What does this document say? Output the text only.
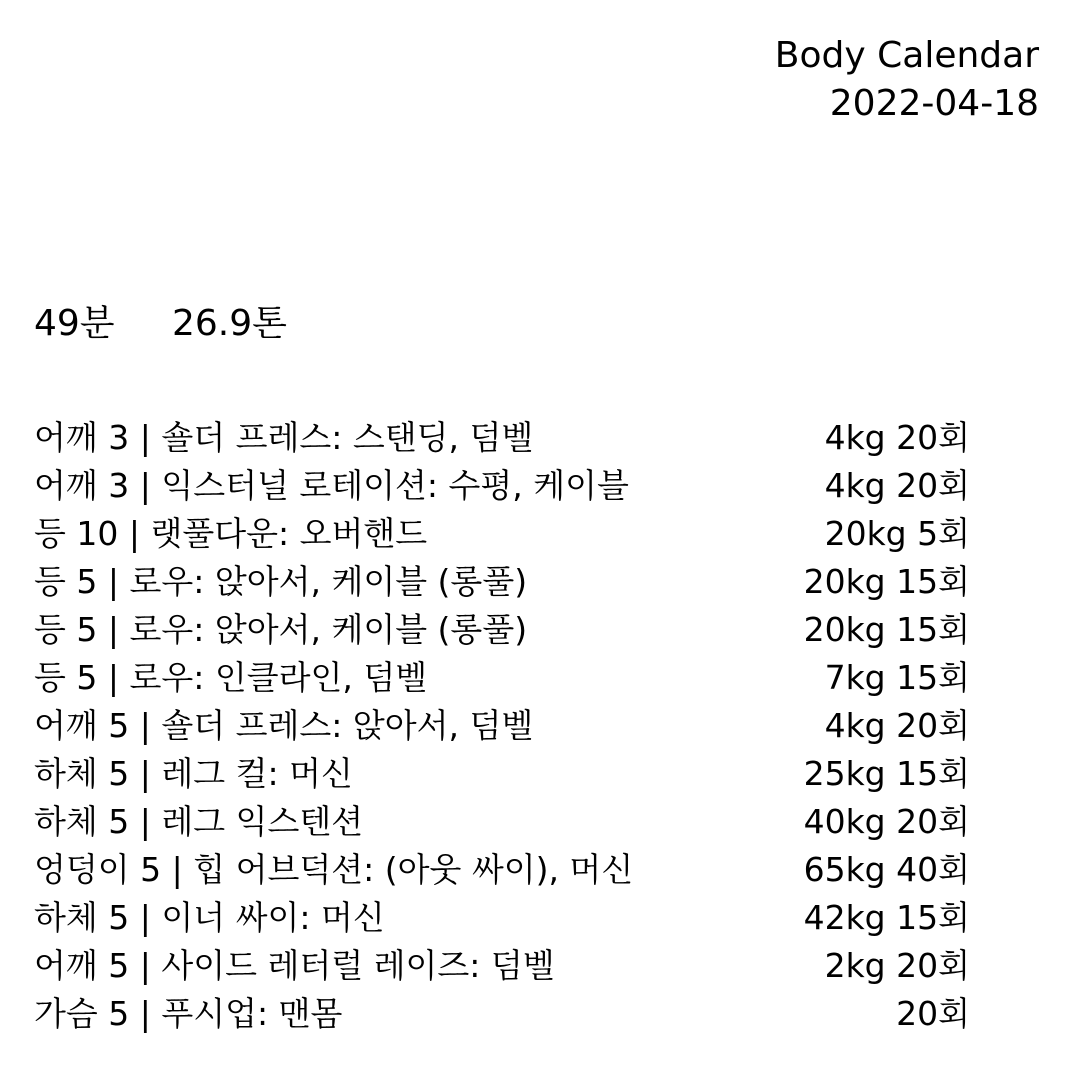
Body Calendar
2022-04-18
49분 26.9톤
어깨 3 | 숄더 프레스: 스탠딩, 덤벨	4kg 20회
어깨 3 | 익스터널 로테이션: 수평, 케이블	4kg 20회
등 10 | 랫풀다운: 오버핸드	20kg 5회
등 5 | 로우: 앉아서, 케이블 (롱풀)	20kg 15회
등 5 | 로우: 앉아서, 케이블 (롱풀)	20kg 15회
등 5 | 로우: 인클라인, 덤벨	7kg 15회
어깨 5 | 숄더 프레스: 앉아서, 덤벨	4kg 20회
하체 5 | 레그 컬: 머신	25kg 15회
하체 5 | 레그 익스텐션	40kg 20회
엉덩이 5 | 힙 어브덕션: (아웃 싸이), 머신	65kg 40회
하체 5 | 이너 싸이: 머신	42kg 15회
어깨 5 | 사이드 레터럴 레이즈: 덤벨	2kg 20회
가슴 5 | 푸시업: 맨몸	20회
